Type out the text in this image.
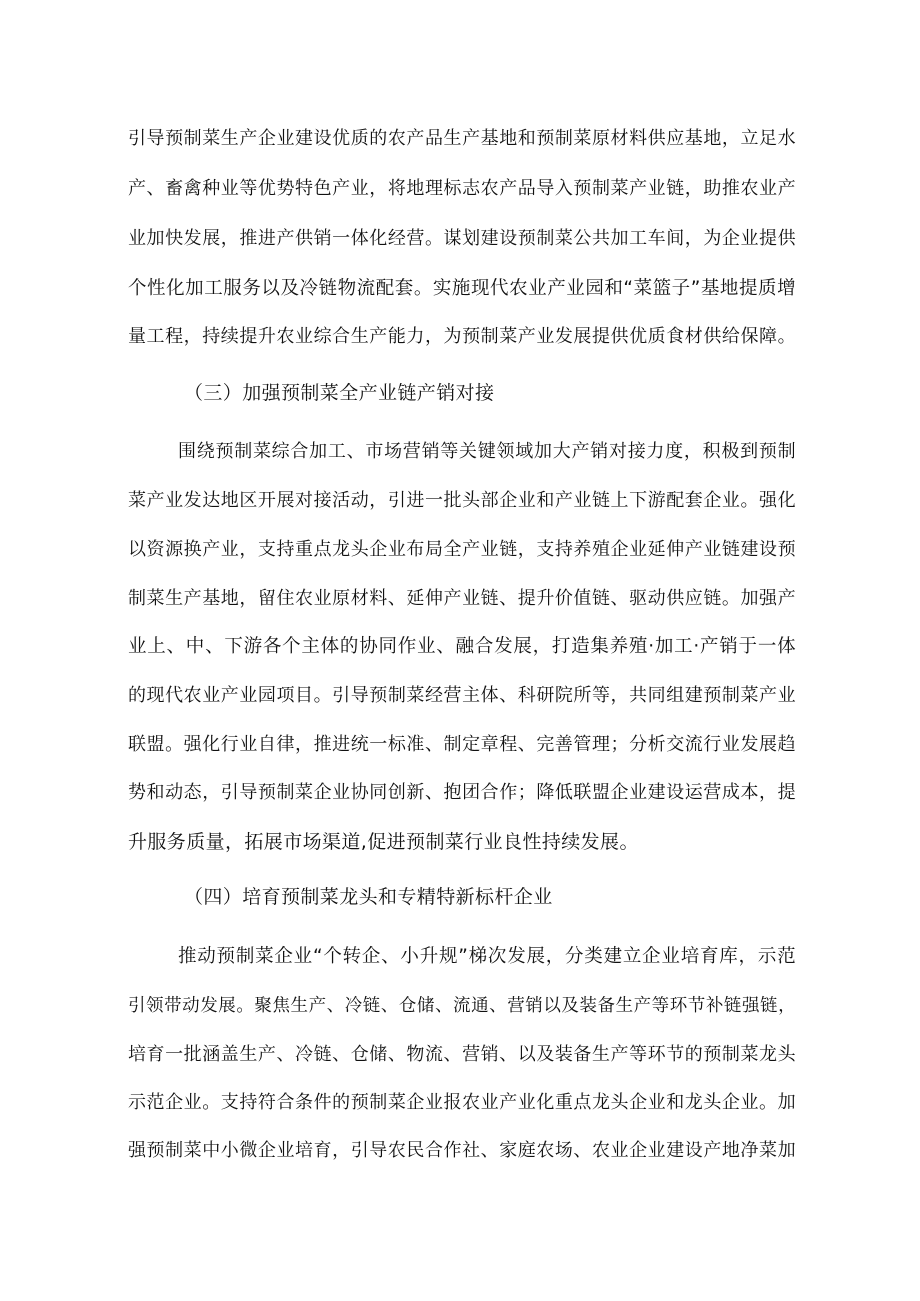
引导预制菜生产企业建设优质的农产品生产基地和预制菜原材料供应基地，立足水
产、畜禽种业等优势特色产业，将地理标志农产品导入预制菜产业链，助推农业产
业加快发展，推进产供销一体化经营。谋划建设预制菜公共加工车间，为企业提供
个性化加工服务以及冷链物流配套。实施现代农业产业园和“菜篮子”基地提质增
量工程，持续提升农业综合生产能力，为预制菜产业发展提供优质食材供给保障。
（三）加强预制菜全产业链产销对接
围绕预制菜综合加工、市场营销等关键领域加大产销对接力度，积极到预制
菜产业发达地区开展对接活动，引进一批头部企业和产业链上下游配套企业。强化
以资源换产业，支持重点龙头企业布局全产业链，支持养殖企业延伸产业链建设预
制菜生产基地，留住农业原材料、延伸产业链、提升价值链、驱动供应链。加强产
业上、中、下游各个主体的协同作业、融合发展，打造集养殖·加工·产销于一体
的现代农业产业园项目。引导预制菜经营主体、科研院所等，共同组建预制菜产业
联盟。强化行业自律，推进统一标准、制定章程、完善管理；分析交流行业发展趋
势和动态，引导预制菜企业协同创新、抱团合作；降低联盟企业建设运营成本，提
升服务质量，拓展市场渠道,促进预制菜行业良性持续发展。
（四）培育预制菜龙头和专精特新标杆企业
推动预制菜企业“个转企、小升规”梯次发展，分类建立企业培育库，示范
引领带动发展。聚焦生产、冷链、仓储、流通、营销以及装备生产等环节补链强链，
培育一批涵盖生产、冷链、仓储、物流、营销、以及装备生产等环节的预制菜龙头
示范企业。支持符合条件的预制菜企业报农业产业化重点龙头企业和龙头企业。加
强预制菜中小微企业培育，引导农民合作社、家庭农场、农业企业建设产地净菜加
